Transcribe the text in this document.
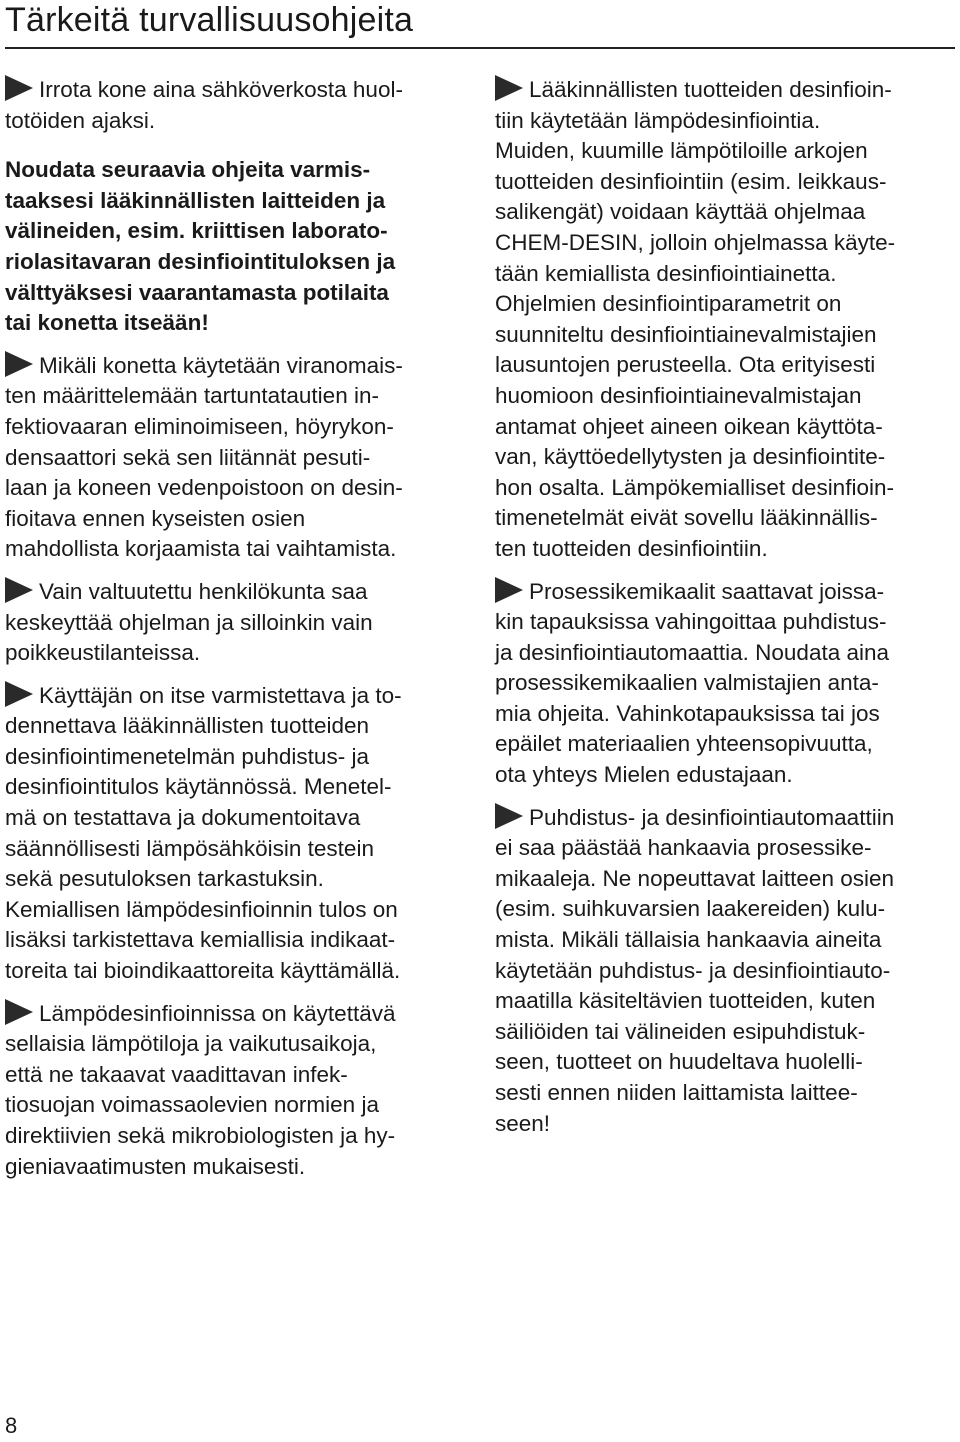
Tärkeitä turvallisuusohjeita

Irrota kone aina sähköverkosta huol-
totöiden ajaksi.

Noudata seuraavia ohjeita varmis-
taaksesi lääkinnällisten laitteiden ja
välineiden, esim. kriittisen laborato-
riolasitavaran desinfiointituloksen ja
välttyäksesi vaarantamasta potilaita
tai konetta itseään!

Mikäli konetta käytetään viranomais-
ten määrittelemään tartuntatautien in-
fektiovaaran eliminoimiseen, höyrykon-
densaattori sekä sen liitännät pesuti-
laan ja koneen vedenpoistoon on desin-
fioitava ennen kyseisten osien
mahdollista korjaamista tai vaihtamista.

Vain valtuutettu henkilökunta saa
keskeyttää ohjelman ja silloinkin vain
poikkeustilanteissa.

Käyttäjän on itse varmistettava ja to-
dennettava lääkinnällisten tuotteiden
desinfiointimenetelmän puhdistus- ja
desinfiointitulos käytännössä. Menetel-
mä on testattava ja dokumentoitava
säännöllisesti lämpösähköisin testein
sekä pesutuloksen tarkastuksin.
Kemiallisen lämpödesinfioinnin tulos on
lisäksi tarkistettava kemiallisia indikaat-
toreita tai bioindikaattoreita käyttämällä.

Lämpödesinfioinnissa on käytettävä
sellaisia lämpötiloja ja vaikutusaikoja,
että ne takaavat vaadittavan infek-
tiosuojan voimassaolevien normien ja
direktiivien sekä mikrobiologisten ja hy-
gieniavaatimusten mukaisesti.

Lääkinnällisten tuotteiden desinfioin-
tiin käytetään lämpödesinfiointia.
Muiden, kuumille lämpötiloille arkojen
tuotteiden desinfiointiin (esim. leikkaus-
salikengät) voidaan käyttää ohjelmaa
CHEM-DESIN, jolloin ohjelmassa käyte-
tään kemiallista desinfiointiainetta.
Ohjelmien desinfiointiparametrit on
suunniteltu desinfiointiainevalmistajien
lausuntojen perusteella. Ota erityisesti
huomioon desinfiointiainevalmistajan
antamat ohjeet aineen oikean käyttöta-
van, käyttöedellytysten ja desinfiointite-
hon osalta. Lämpökemialliset desinfioin-
timenetelmät eivät sovellu lääkinnällis-
ten tuotteiden desinfiointiin.

Prosessikemikaalit saattavat joissa-
kin tapauksissa vahingoittaa puhdistus-
ja desinfiointiautomaattia. Noudata aina
prosessikemikaalien valmistajien anta-
mia ohjeita. Vahinkotapauksissa tai jos
epäilet materiaalien yhteensopivuutta,
ota yhteys Mielen edustajaan.

Puhdistus- ja desinfiointiautomaattiin
ei saa päästää hankaavia prosessike-
mikaaleja. Ne nopeuttavat laitteen osien
(esim. suihkuvarsien laakereiden) kulu-
mista. Mikäli tällaisia hankaavia aineita
käytetään puhdistus- ja desinfiointiauto-
maatilla käsiteltävien tuotteiden, kuten
säiliöiden tai välineiden esipuhdistuk-
seen, tuotteet on huudeltava huolelli-
sesti ennen niiden laittamista laittee-
seen!

8
